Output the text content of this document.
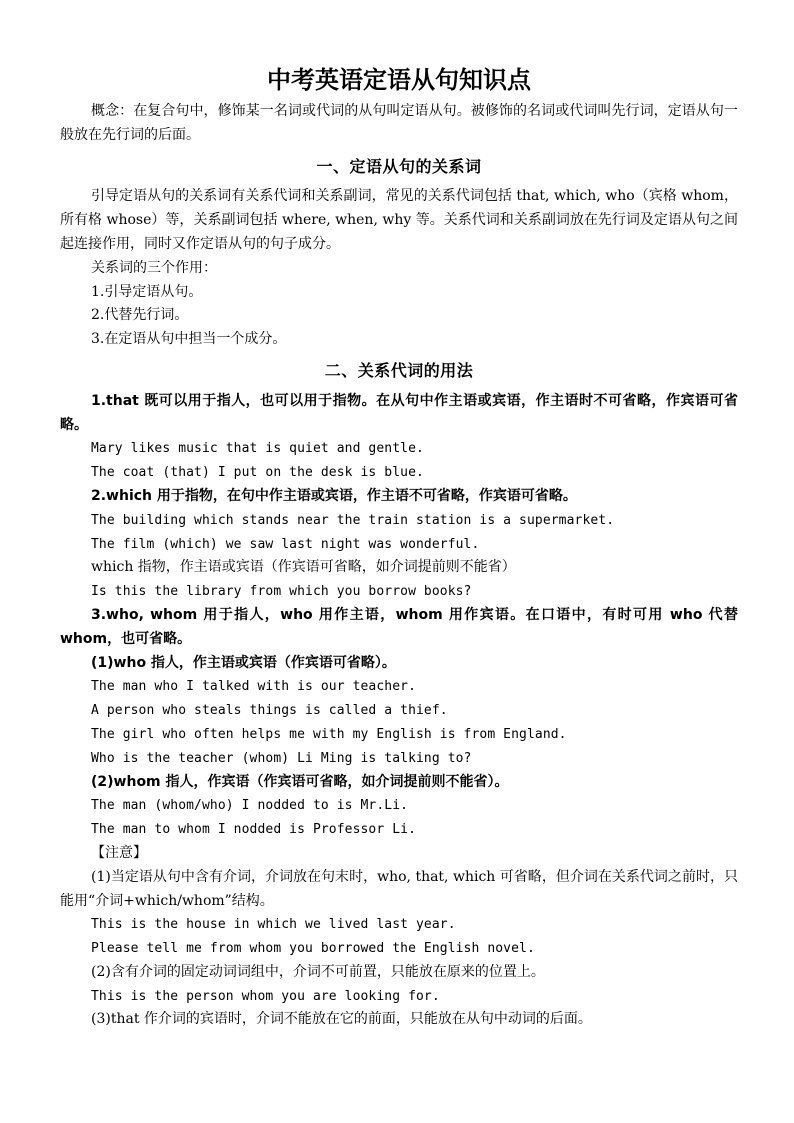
中考英语定语从句知识点

概念：在复合句中，修饰某一名词或代词的从句叫定语从句。被修饰的名词或代词叫先行词，定语从句一般放在先行词的后面。

一、定语从句的关系词

引导定语从句的关系词有关系代词和关系副词，常见的关系代词包括 that, which, who（宾格 whom，所有格 whose）等，关系副词包括 where, when, why 等。关系代词和关系副词放在先行词及定语从句之间起连接作用，同时又作定语从句的句子成分。

关系词的三个作用：

1.引导定语从句。

2.代替先行词。

3.在定语从句中担当一个成分。

二、关系代词的用法

1.that 既可以用于指人，也可以用于指物。在从句中作主语或宾语，作主语时不可省略，作宾语可省略。

Mary likes music that is quiet and gentle.

The coat (that) I put on the desk is blue.

2.which 用于指物，在句中作主语或宾语，作主语不可省略，作宾语可省略。

The building which stands near the train station is a supermarket.

The film (which) we saw last night was wonderful.

which 指物，作主语或宾语（作宾语可省略，如介词提前则不能省）

Is this the library from which you borrow books?

3.who, whom 用于指人，who 用作主语，whom 用作宾语。在口语中，有时可用 who 代替 whom，也可省略。

(1)who 指人，作主语或宾语（作宾语可省略）。

The man who I talked with is our teacher.

A person who steals things is called a thief.

The girl who often helps me with my English is from England.

Who is the teacher (whom) Li Ming is talking to?

(2)whom 指人，作宾语（作宾语可省略，如介词提前则不能省）。

The man (whom/who) I nodded to is Mr.Li.

The man to whom I nodded is Professor Li.

【注意】

(1)当定语从句中含有介词，介词放在句末时，who, that, which 可省略，但介词在关系代词之前时，只能用“介词+which/whom”结构。

This is the house in which we lived last year.

Please tell me from whom you borrowed the English novel.

(2)含有介词的固定动词词组中，介词不可前置，只能放在原来的位置上。

This is the person whom you are looking for.

(3)that 作介词的宾语时，介词不能放在它的前面，只能放在从句中动词的后面。
